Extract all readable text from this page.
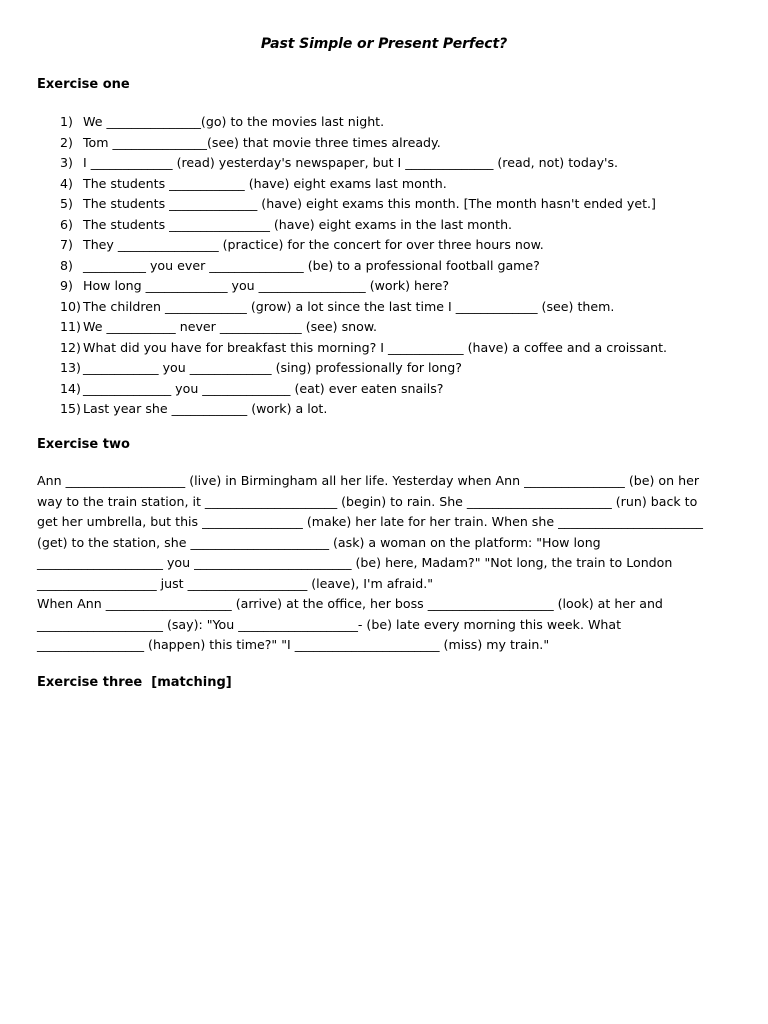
Past Simple or Present Perfect?
Exercise one
1) We _______________(go) to the movies last night.
2) Tom _______________(see) that movie three times already.
3) I _____________ (read) yesterday's newspaper, but I ______________ (read, not) today's.
4) The students ____________ (have) eight exams last month.
5) The students ______________ (have) eight exams this month. [The month hasn't ended yet.]
6) The students ________________ (have) eight exams in the last month.
7) They ________________ (practice) for the concert for over three hours now.
8) __________ you ever _______________ (be) to a professional football game?
9) How long _____________ you _________________ (work) here?
10) The children _____________ (grow) a lot since the last time I _____________ (see) them.
11) We ___________ never _____________ (see) snow.
12) What did you have for breakfast this morning? I ____________ (have) a coffee and a croissant.
13) ____________ you _____________ (sing) professionally for long?
14) ______________ you ______________ (eat) ever eaten snails?
15) Last year she ____________ (work) a lot.
Exercise two
Ann ___________________ (live) in Birmingham all her life. Yesterday when Ann ________________ (be) on her
way to the train station, it _____________________ (begin) to rain. She _______________________ (run) back to
get her umbrella, but this ________________ (make) her late for her train. When she _______________________
(get) to the station, she ______________________ (ask) a woman on the platform: "How long
____________________ you _________________________ (be) here, Madam?" "Not long, the train to London
___________________ just ___________________ (leave), I'm afraid."
When Ann ____________________ (arrive) at the office, her boss ____________________ (look) at her and
____________________ (say): "You ___________________- (be) late every morning this week. What
_________________ (happen) this time?" "I _______________________ (miss) my train."
Exercise three  [matching]
